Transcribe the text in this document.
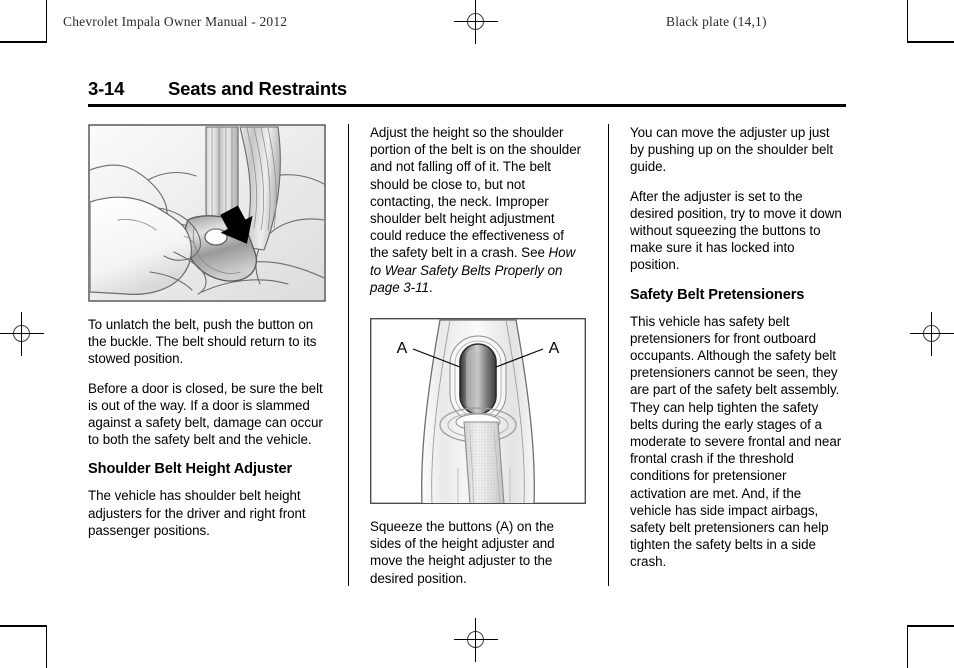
Chevrolet Impala Owner Manual - 2012	Black plate (14,1)
3-14	Seats and Restraints

To unlatch the belt, push the button on the buckle. The belt should return to its stowed position.

Before a door is closed, be sure the belt is out of the way. If a door is slammed against a safety belt, damage can occur to both the safety belt and the vehicle.

Shoulder Belt Height Adjuster

The vehicle has shoulder belt height adjusters for the driver and right front passenger positions.

Adjust the height so the shoulder portion of the belt is on the shoulder and not falling off of it. The belt should be close to, but not contacting, the neck. Improper shoulder belt height adjustment could reduce the effectiveness of the safety belt in a crash. See How to Wear Safety Belts Properly on page 3-11.

A	A

Squeeze the buttons (A) on the sides of the height adjuster and move the height adjuster to the desired position.

You can move the adjuster up just by pushing up on the shoulder belt guide.

After the adjuster is set to the desired position, try to move it down without squeezing the buttons to make sure it has locked into position.

Safety Belt Pretensioners

This vehicle has safety belt pretensioners for front outboard occupants. Although the safety belt pretensioners cannot be seen, they are part of the safety belt assembly. They can help tighten the safety belts during the early stages of a moderate to severe frontal and near frontal crash if the threshold conditions for pretensioner activation are met. And, if the vehicle has side impact airbags, safety belt pretensioners can help tighten the safety belts in a side crash.
